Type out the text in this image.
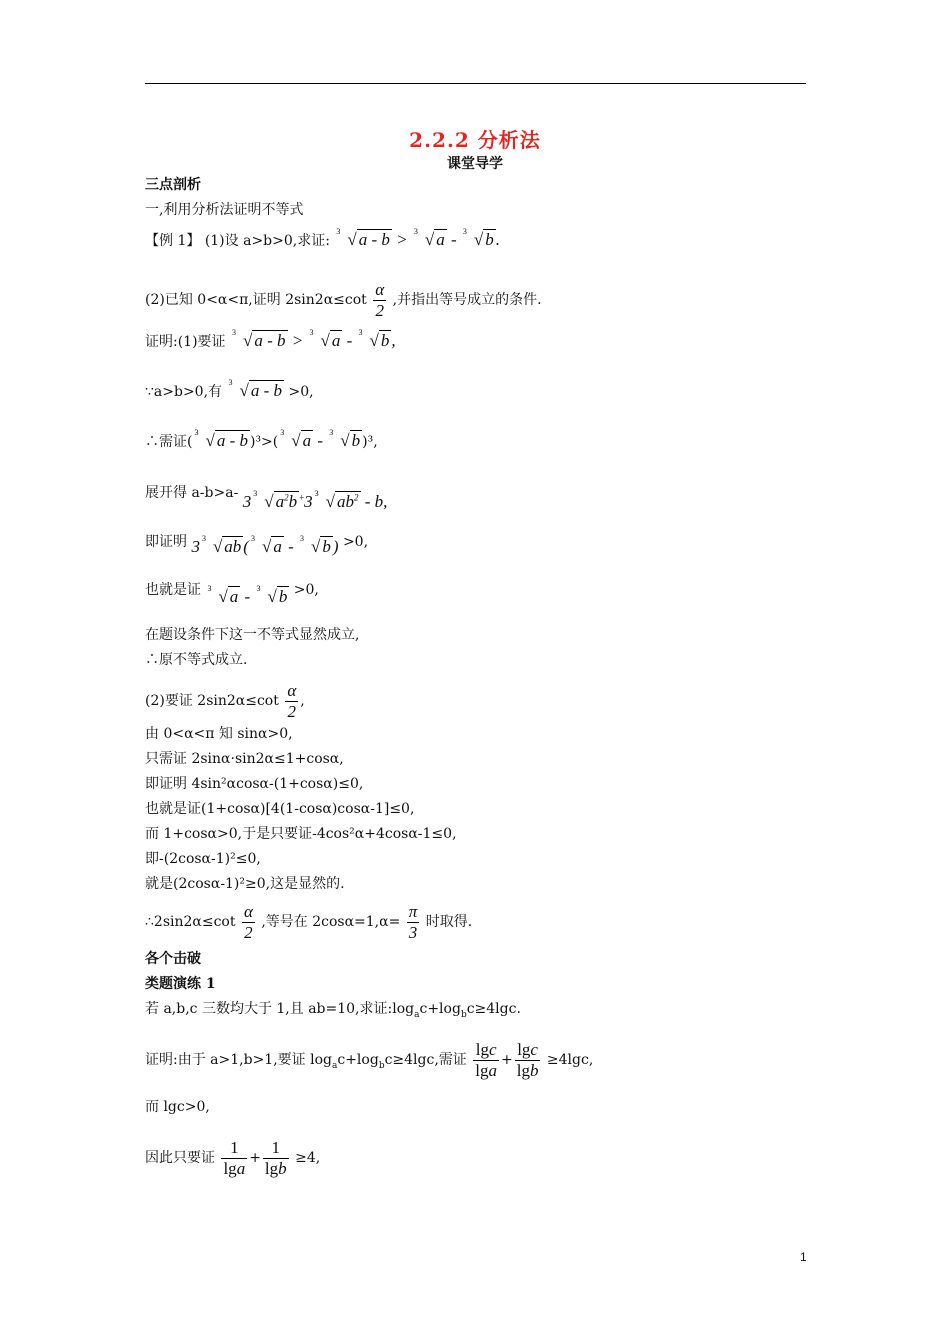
2.2.2 分析法
课堂导学
三点剖析
一,利用分析法证明不等式
【例 1】 (1)设 a>b>0,求证:
3 √ a - b > 3 √ a - 3 √ b .
(2)已知 0<α<π,证明 $2\sin 2\alpha\le\cot \frac{\alpha}{2}$ ,并指出等号成立的条件.
证明:(1)要证
3 √ a - b > 3 √ a - 3 √ b ,
∵a>b>0,有
3 √ a - b >0,
∴需证(
3 √ a - b )³>(
3 √ a - 3 √ b )³,
展开得 a-b>a- 3 3 √ $a^2b$ +3 3 √ $ab^2$ - b,
即证明 3 3 √ ab ( 3 √ a - 3 √ b ) >0,
也就是证 3 √ a - 3 √ b >0,
在题设条件下这一不等式显然成立,
∴原不等式成立.
(2)要证 $2\sin 2\alpha\le\cot \frac{\alpha}{2}$ ,
由 0<α<π 知 sinα>0,
只需证 2sinα·sin2α≤1+cosα,
即证明 4sin²αcosα-(1+cosα)≤0,
也就是证(1+cosα)[4(1-cosα)cosα-1]≤0,
而 1+cosα>0,于是只要证-4cos²α+4cosα-1≤0,
即-(2cosα-1)²≤0,
就是(2cosα-1)²≥0,这是显然的.
∴2sin2α≤cot $\frac{\alpha}{2}$ ,等号在 $2\cos\alpha=1,\alpha= \frac{\pi}{3}$ 时取得.
各个击破
类题演练 1
若 a,b,c 三数均大于 1,且 ab=10,求证$:\log_ac+\log_bc\ge 4\lg c$.
证明:由于 a>1,b>1,要证 $\log_ac+\log_bc\ge 4\lg c$,需证 $\frac{\lg c}{\lg a} + \frac{\lg c}{\lg b} \ge 4\lg c$,
而 lgc>0,
因此只要证 $\frac{1}{\lg a} + \frac{1}{\lg b} \ge 4$,
1
